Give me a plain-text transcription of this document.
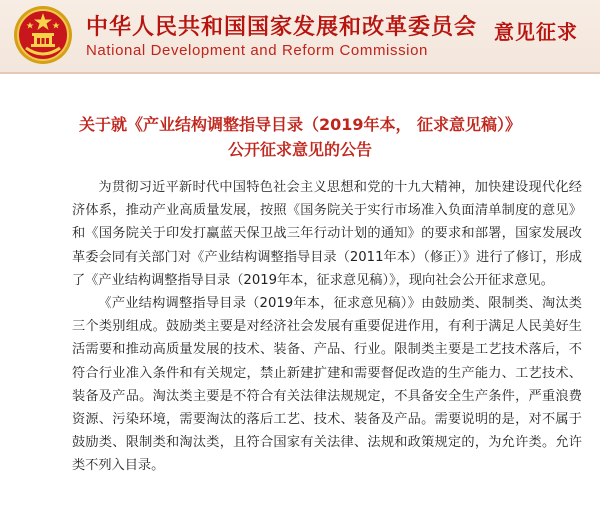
中华人民共和国国家发展和改革委员会
National Development and Reform Commission
意见征求
关于就《产业结构调整指导目录（2019年本， 征求意见稿）》
公开征求意见的公告

为贯彻习近平新时代中国特色社会主义思想和党的十九大精神，加快建设现代化经济体系，推动产业高质量发展，按照《国务院关于实行市场准入负面清单制度的意见》和《国务院关于印发打赢蓝天保卫战三年行动计划的通知》的要求和部署，国家发展改革委会同有关部门对《产业结构调整指导目录（2011年本）（修正）》进行了修订，形成了《产业结构调整指导目录（2019年本，征求意见稿）》，现向社会公开征求意见。

《产业结构调整指导目录（2019年本，征求意见稿）》由鼓励类、限制类、淘汰类三个类别组成。鼓励类主要是对经济社会发展有重要促进作用，有利于满足人民美好生活需要和推动高质量发展的技术、装备、产品、行业。限制类主要是工艺技术落后，不符合行业准入条件和有关规定，禁止新建扩建和需要督促改造的生产能力、工艺技术、装备及产品。淘汰类主要是不符合有关法律法规规定，不具备安全生产条件，严重浪费资源、污染环境，需要淘汰的落后工艺、技术、装备及产品。需要说明的是，对不属于鼓励类、限制类和淘汰类，且符合国家有关法律、法规和政策规定的，为允许类。允许类不列入目录。
